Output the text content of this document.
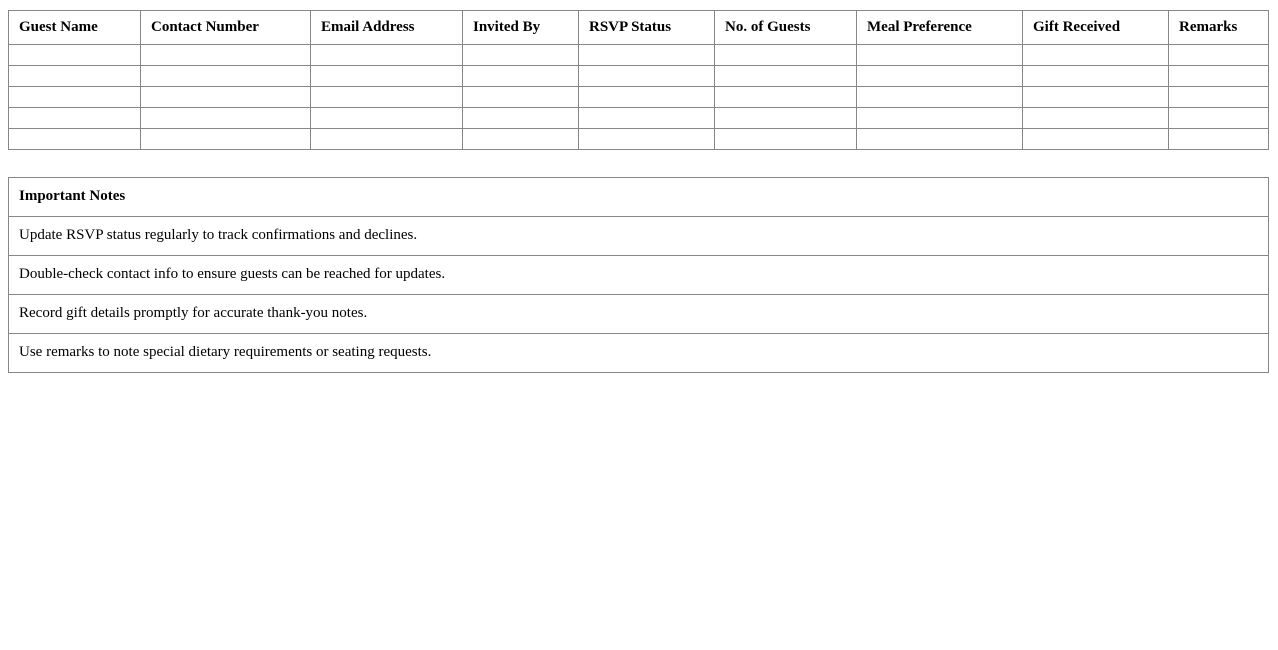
Guest Name	Contact Number	Email Address	Invited By	RSVP Status	No. of Guests	Meal Preference	Gift Received	Remarks

Important Notes
Update RSVP status regularly to track confirmations and declines.
Double-check contact info to ensure guests can be reached for updates.
Record gift details promptly for accurate thank-you notes.
Use remarks to note special dietary requirements or seating requests.
